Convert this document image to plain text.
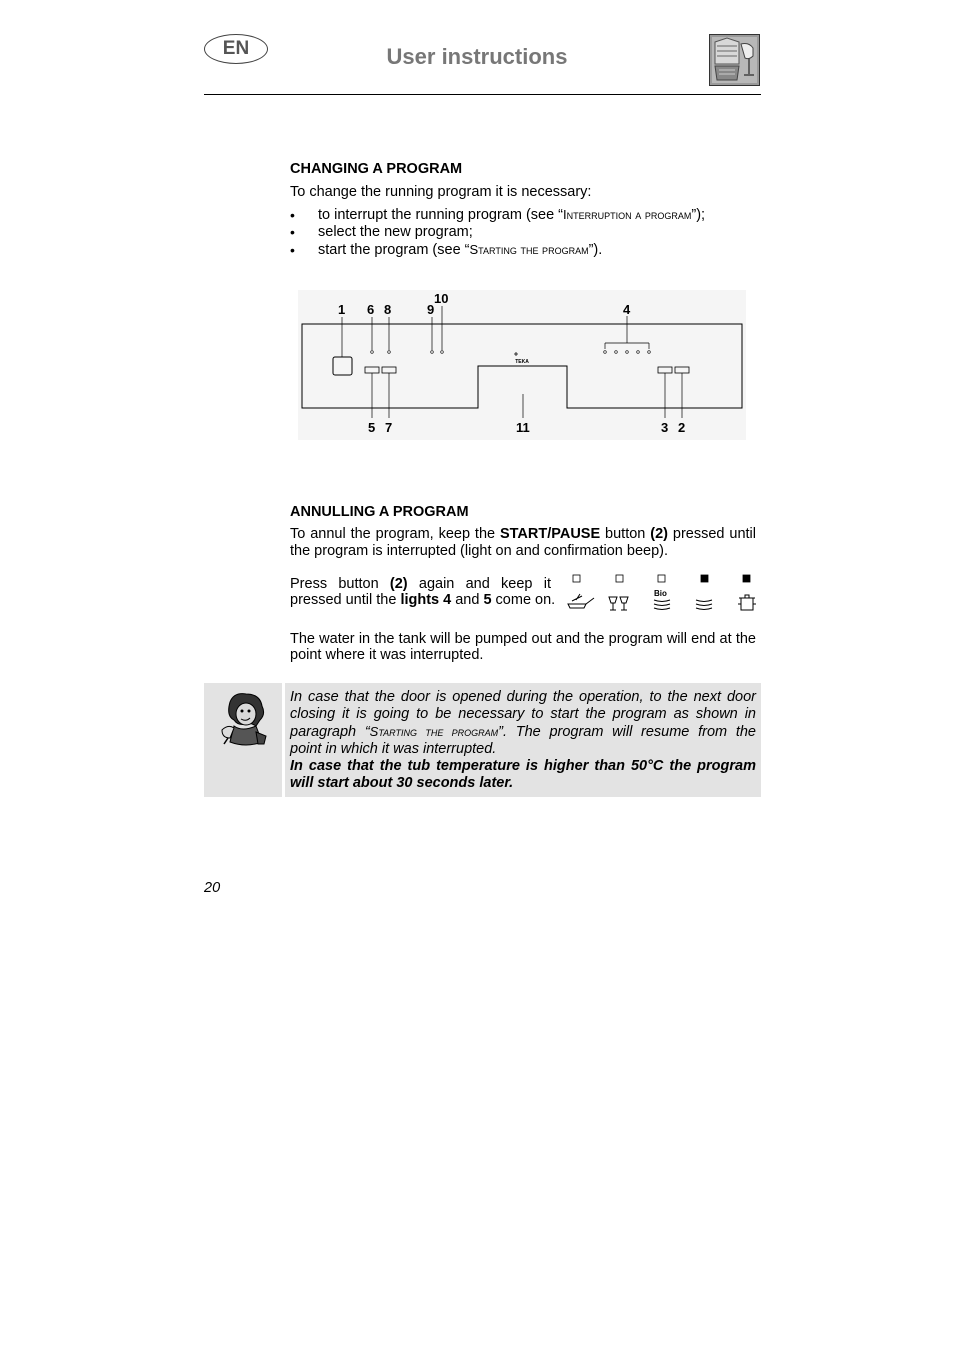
EN	User instructions
CHANGING A PROGRAM
To change the running program it is necessary:
• to interrupt the running program (see “Interruption a program”);
• select the new program;
• start the program (see “Starting the program”).
1 6 8	9
10
4
5 7	11	3 2
TEKA
ANNULLING A PROGRAM
To annul the program, keep the START/PAUSE button (2) pressed until
the program is interrupted (light on and confirmation beep).
Press button (2) again and keep it
pressed until the lights 4 and 5 come on.	Bio
The water in the tank will be pumped out and the program will end at the
point where it was interrupted.
In case that the door is opened during the operation, to the next door
closing it is going to be necessary to start the program as shown in
paragraph “Starting the program”. The program will resume from the
point in which it was interrupted.
In case that the tub temperature is higher than 50°C the program
will start about 30 seconds later.
20
